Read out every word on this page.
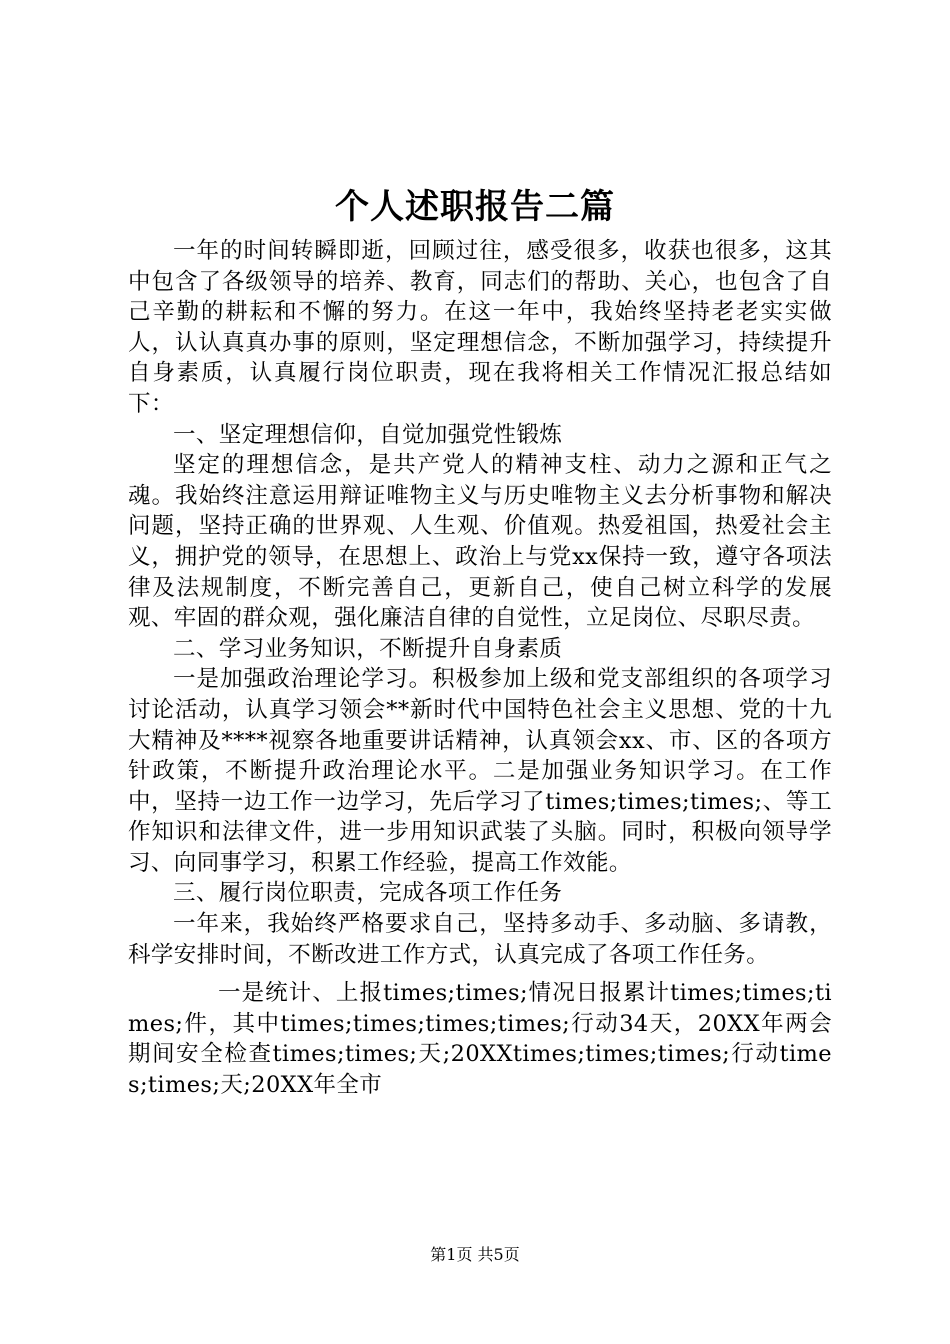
个人述职报告二篇

一年的时间转瞬即逝，回顾过往，感受很多，收获也很多，这其中包含了各级领导的培养、教育，同志们的帮助、关心，也包含了自己辛勤的耕耘和不懈的努力。在这一年中，我始终坚持老老实实做人，认认真真办事的原则，坚定理想信念，不断加强学习，持续提升自身素质，认真履行岗位职责，现在我将相关工作情况汇报总结如下：

一、坚定理想信仰，自觉加强党性锻炼

坚定的理想信念，是共产党人的精神支柱、动力之源和正气之魂。我始终注意运用辩证唯物主义与历史唯物主义去分析事物和解决问题，坚持正确的世界观、人生观、价值观。热爱祖国，热爱社会主义，拥护党的领导，在思想上、政治上与党xx保持一致，遵守各项法律及法规制度，不断完善自己，更新自己，使自己树立科学的发展观、牢固的群众观，强化廉洁自律的自觉性，立足岗位、尽职尽责。

二、学习业务知识，不断提升自身素质

一是加强政治理论学习。积极参加上级和党支部组织的各项学习讨论活动，认真学习领会**新时代中国特色社会主义思想、党的十九大精神及****视察各地重要讲话精神，认真领会xx、市、区的各项方针政策，不断提升政治理论水平。二是加强业务知识学习。在工作中，坚持一边工作一边学习，先后学习了times;times;times;、等工作知识和法律文件，进一步用知识武装了头脑。同时，积极向领导学习、向同事学习，积累工作经验，提高工作效能。

三、履行岗位职责，完成各项工作任务

一年来，我始终严格要求自己，坚持多动手、多动脑、多请教，科学安排时间，不断改进工作方式，认真完成了各项工作任务。

一是统计、上报times;times;情况日报累计times;times;times;件，其中times;times;times;times;行动34天，20XX年两会期间安全检查times;times;天;20XXtimes;times;times;行动times;times;天;20XX年全市

第1页 共5页
